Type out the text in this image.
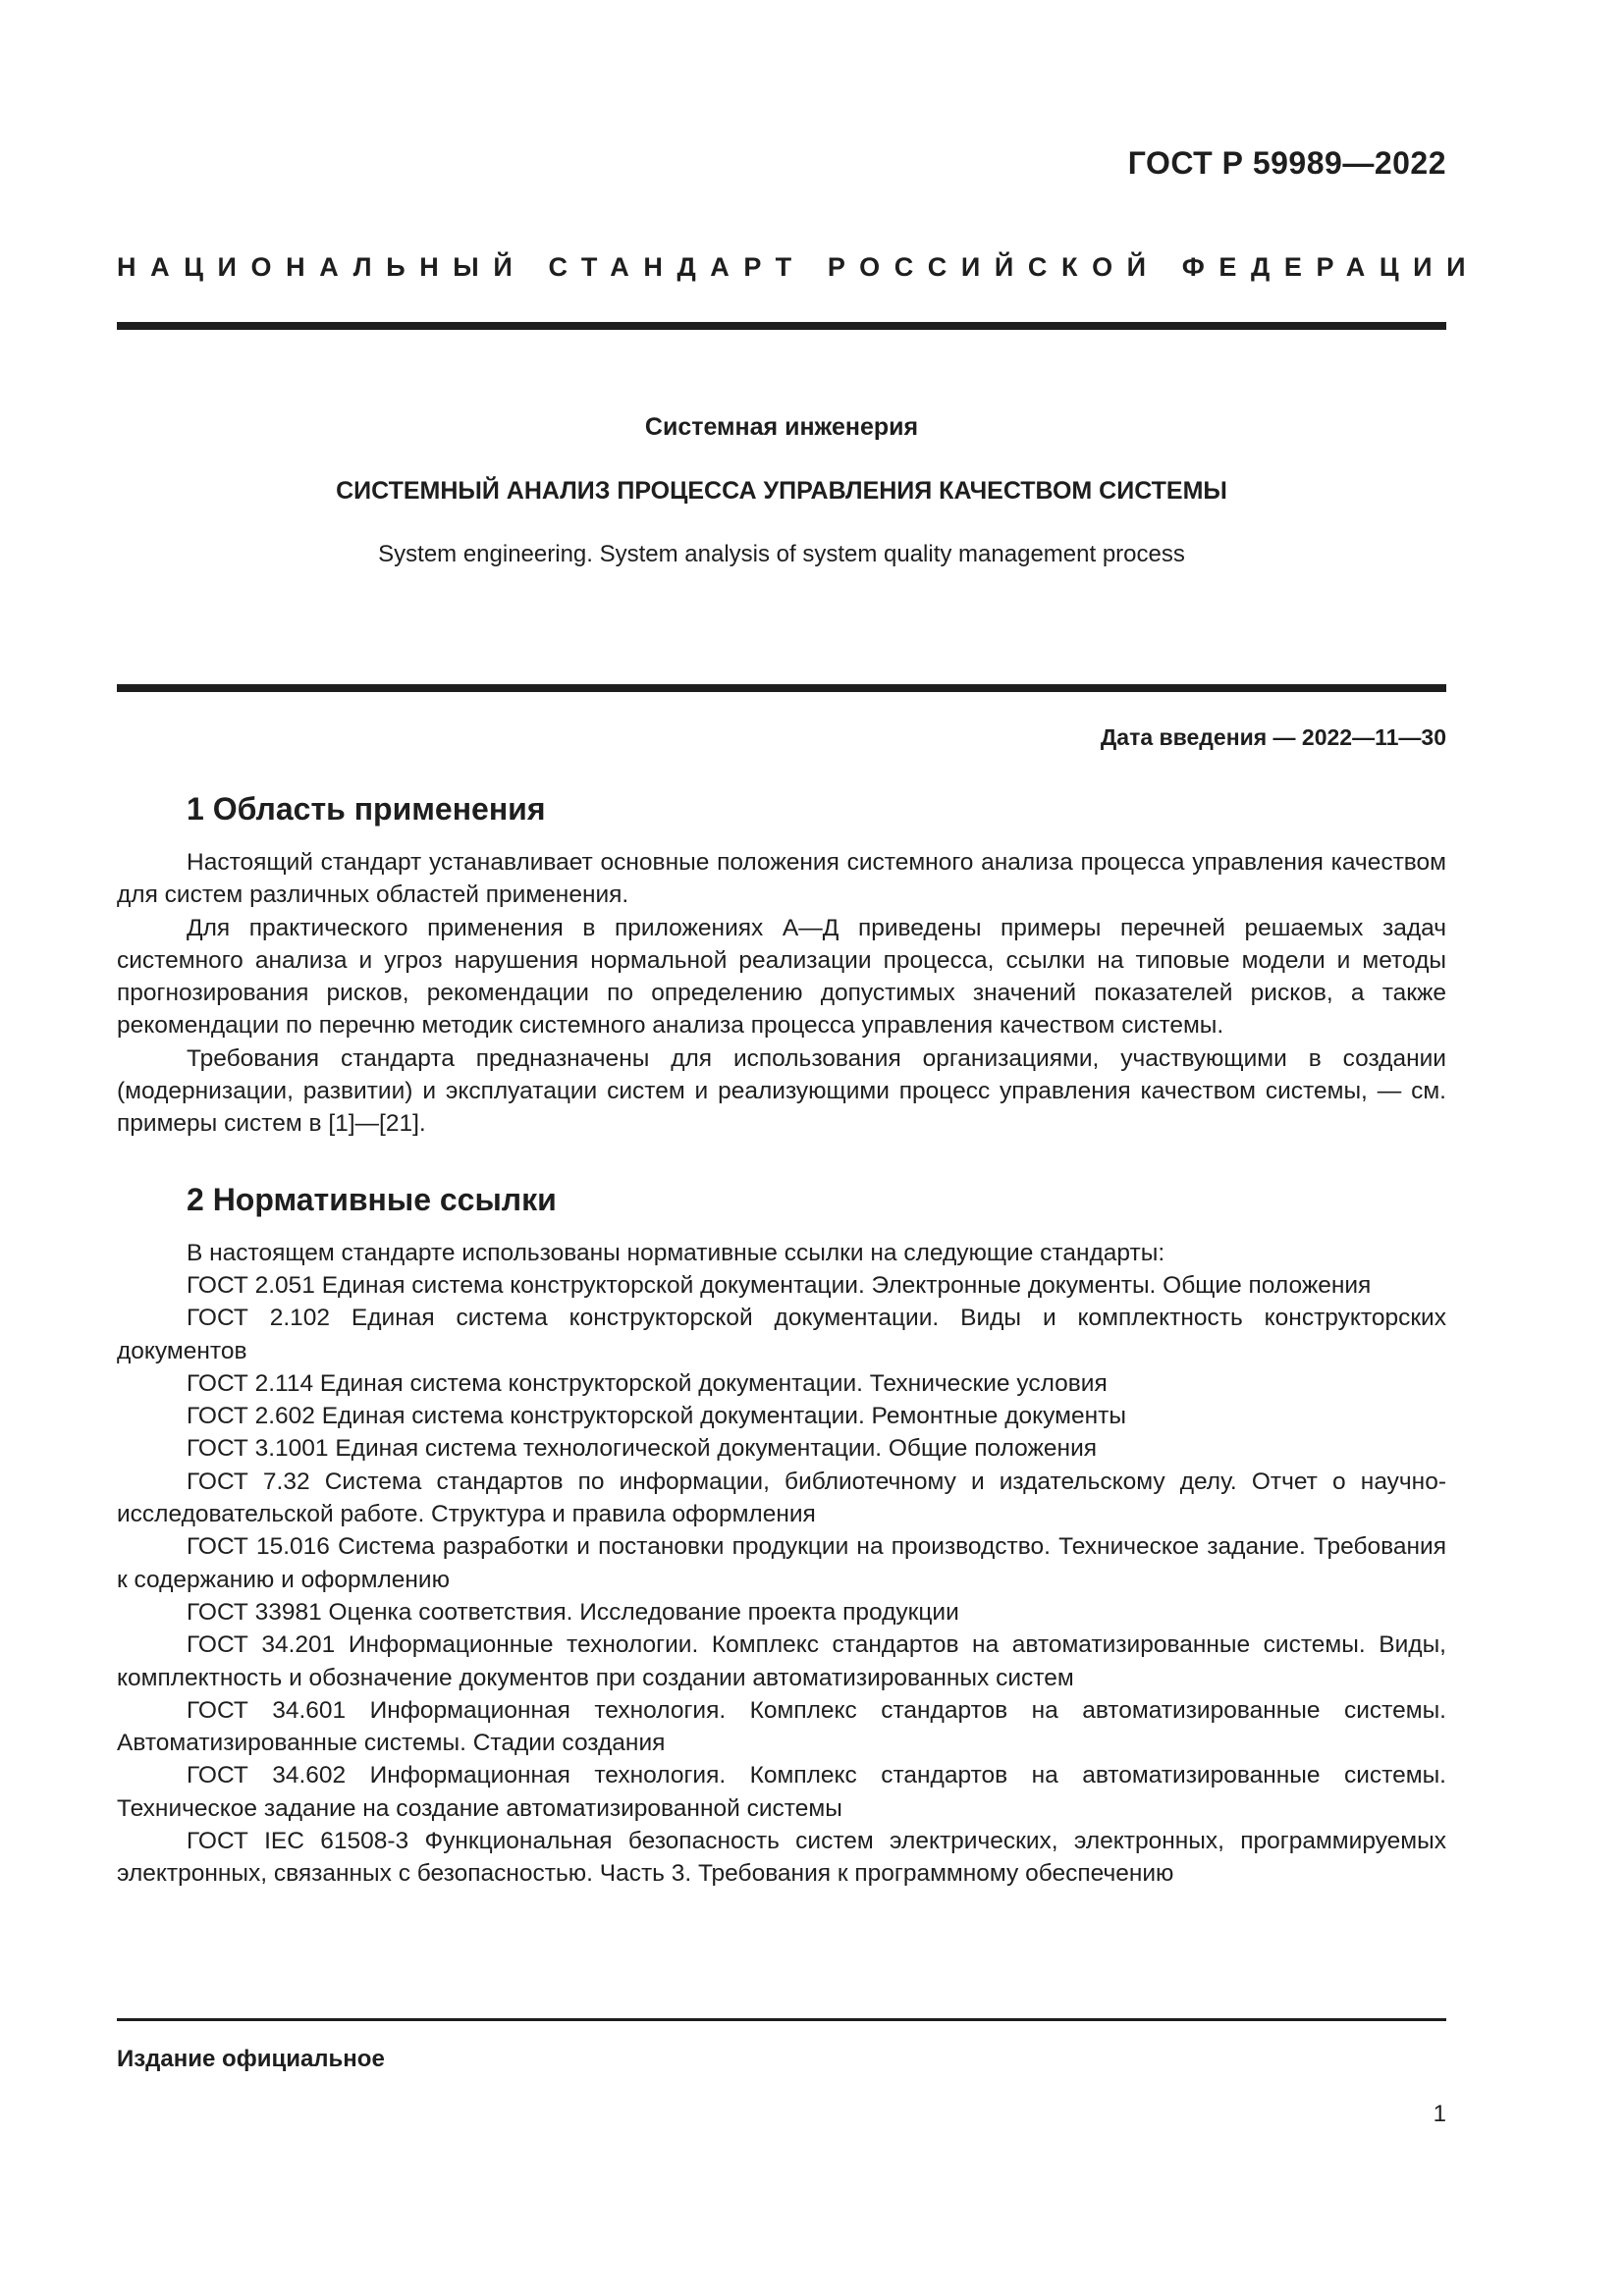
ГОСТ Р 59989—2022

НАЦИОНАЛЬНЫЙ СТАНДАРТ РОССИЙСКОЙ ФЕДЕРАЦИИ

Системная инженерия

СИСТЕМНЫЙ АНАЛИЗ ПРОЦЕССА УПРАВЛЕНИЯ КАЧЕСТВОМ СИСТЕМЫ

System engineering. System analysis of system quality management process

Дата введения — 2022—11—30

1 Область применения

Настоящий стандарт устанавливает основные положения системного анализа процесса управления качеством для систем различных областей применения.

Для практического применения в приложениях А—Д приведены примеры перечней решаемых задач системного анализа и угроз нарушения нормальной реализации процесса, ссылки на типовые модели и методы прогнозирования рисков, рекомендации по определению допустимых значений показателей рисков, а также рекомендации по перечню методик системного анализа процесса управления качеством системы.

Требования стандарта предназначены для использования организациями, участвующими в создании (модернизации, развитии) и эксплуатации систем и реализующими процесс управления качеством системы, — см. примеры систем в [1]—[21].

2 Нормативные ссылки

В настоящем стандарте использованы нормативные ссылки на следующие стандарты:

ГОСТ 2.051 Единая система конструкторской документации. Электронные документы. Общие положения

ГОСТ 2.102 Единая система конструкторской документации. Виды и комплектность конструкторских документов

ГОСТ 2.114 Единая система конструкторской документации. Технические условия

ГОСТ 2.602 Единая система конструкторской документации. Ремонтные документы

ГОСТ 3.1001 Единая система технологической документации. Общие положения

ГОСТ 7.32 Система стандартов по информации, библиотечному и издательскому делу. Отчет о научно-исследовательской работе. Структура и правила оформления

ГОСТ 15.016 Система разработки и постановки продукции на производство. Техническое задание. Требования к содержанию и оформлению

ГОСТ 33981 Оценка соответствия. Исследование проекта продукции

ГОСТ 34.201 Информационные технологии. Комплекс стандартов на автоматизированные системы. Виды, комплектность и обозначение документов при создании автоматизированных систем

ГОСТ 34.601 Информационная технология. Комплекс стандартов на автоматизированные системы. Автоматизированные системы. Стадии создания

ГОСТ 34.602 Информационная технология. Комплекс стандартов на автоматизированные системы. Техническое задание на создание автоматизированной системы

ГОСТ IEC 61508-3 Функциональная безопасность систем электрических, электронных, программируемых электронных, связанных с безопасностью. Часть 3. Требования к программному обеспечению

Издание официальное

1
